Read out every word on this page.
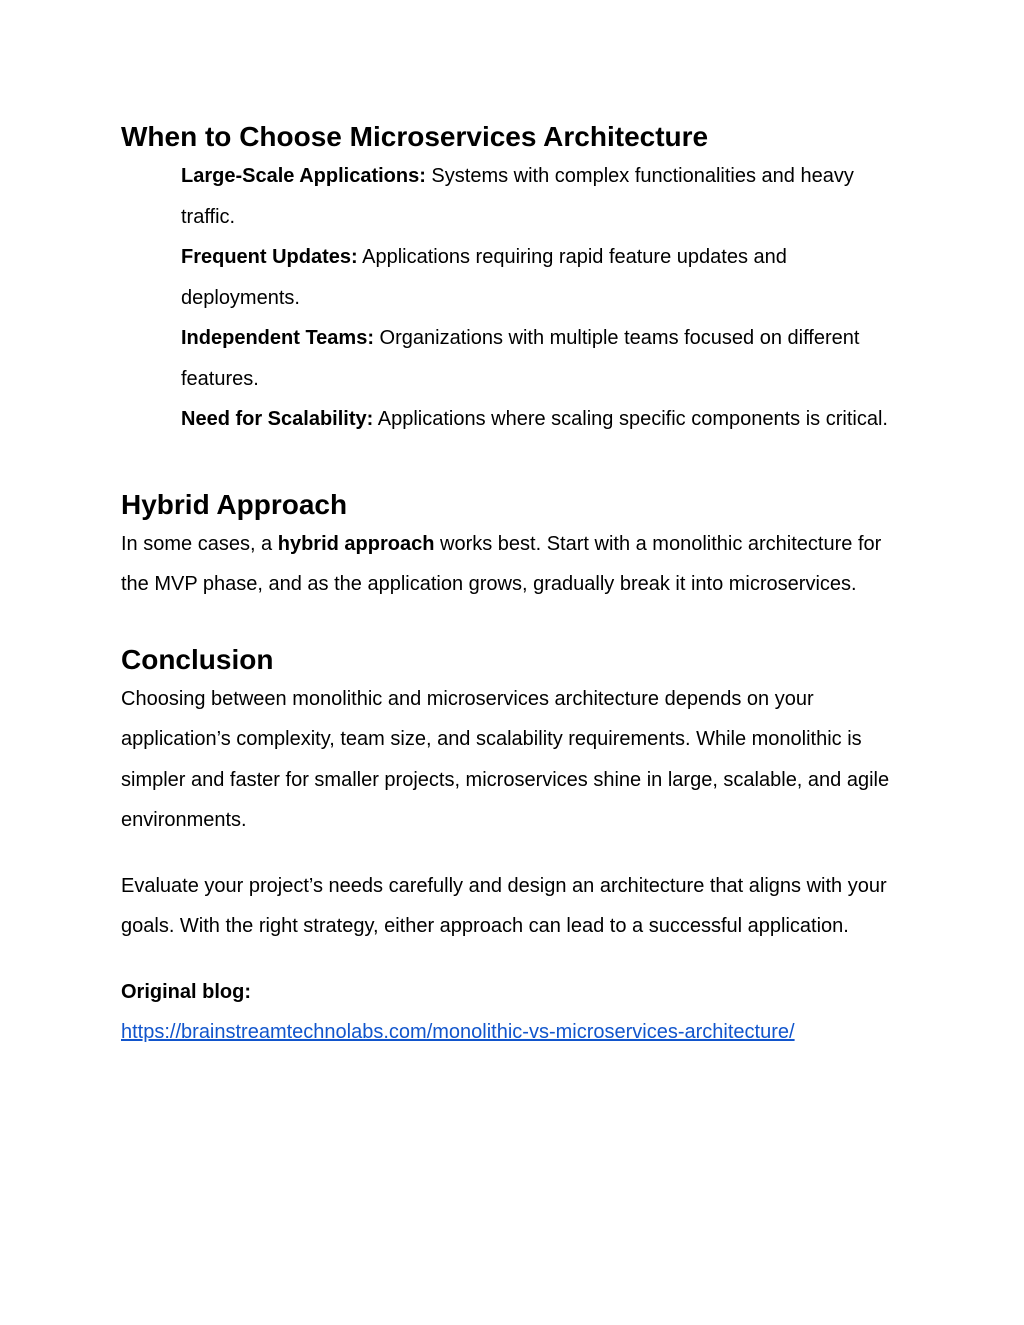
When to Choose Microservices Architecture
Large-Scale Applications: Systems with complex functionalities and heavy traffic.
Frequent Updates: Applications requiring rapid feature updates and deployments.
Independent Teams: Organizations with multiple teams focused on different features.
Need for Scalability: Applications where scaling specific components is critical.
Hybrid Approach

In some cases, a hybrid approach works best. Start with a monolithic architecture for the MVP phase, and as the application grows, gradually break it into microservices.

Conclusion

Choosing between monolithic and microservices architecture depends on your application’s complexity, team size, and scalability requirements. While monolithic is simpler and faster for smaller projects, microservices shine in large, scalable, and agile environments.

Evaluate your project’s needs carefully and design an architecture that aligns with your goals. With the right strategy, either approach can lead to a successful application.

Original blog:

https://brainstreamtechnolabs.com/monolithic-vs-microservices-architecture/
